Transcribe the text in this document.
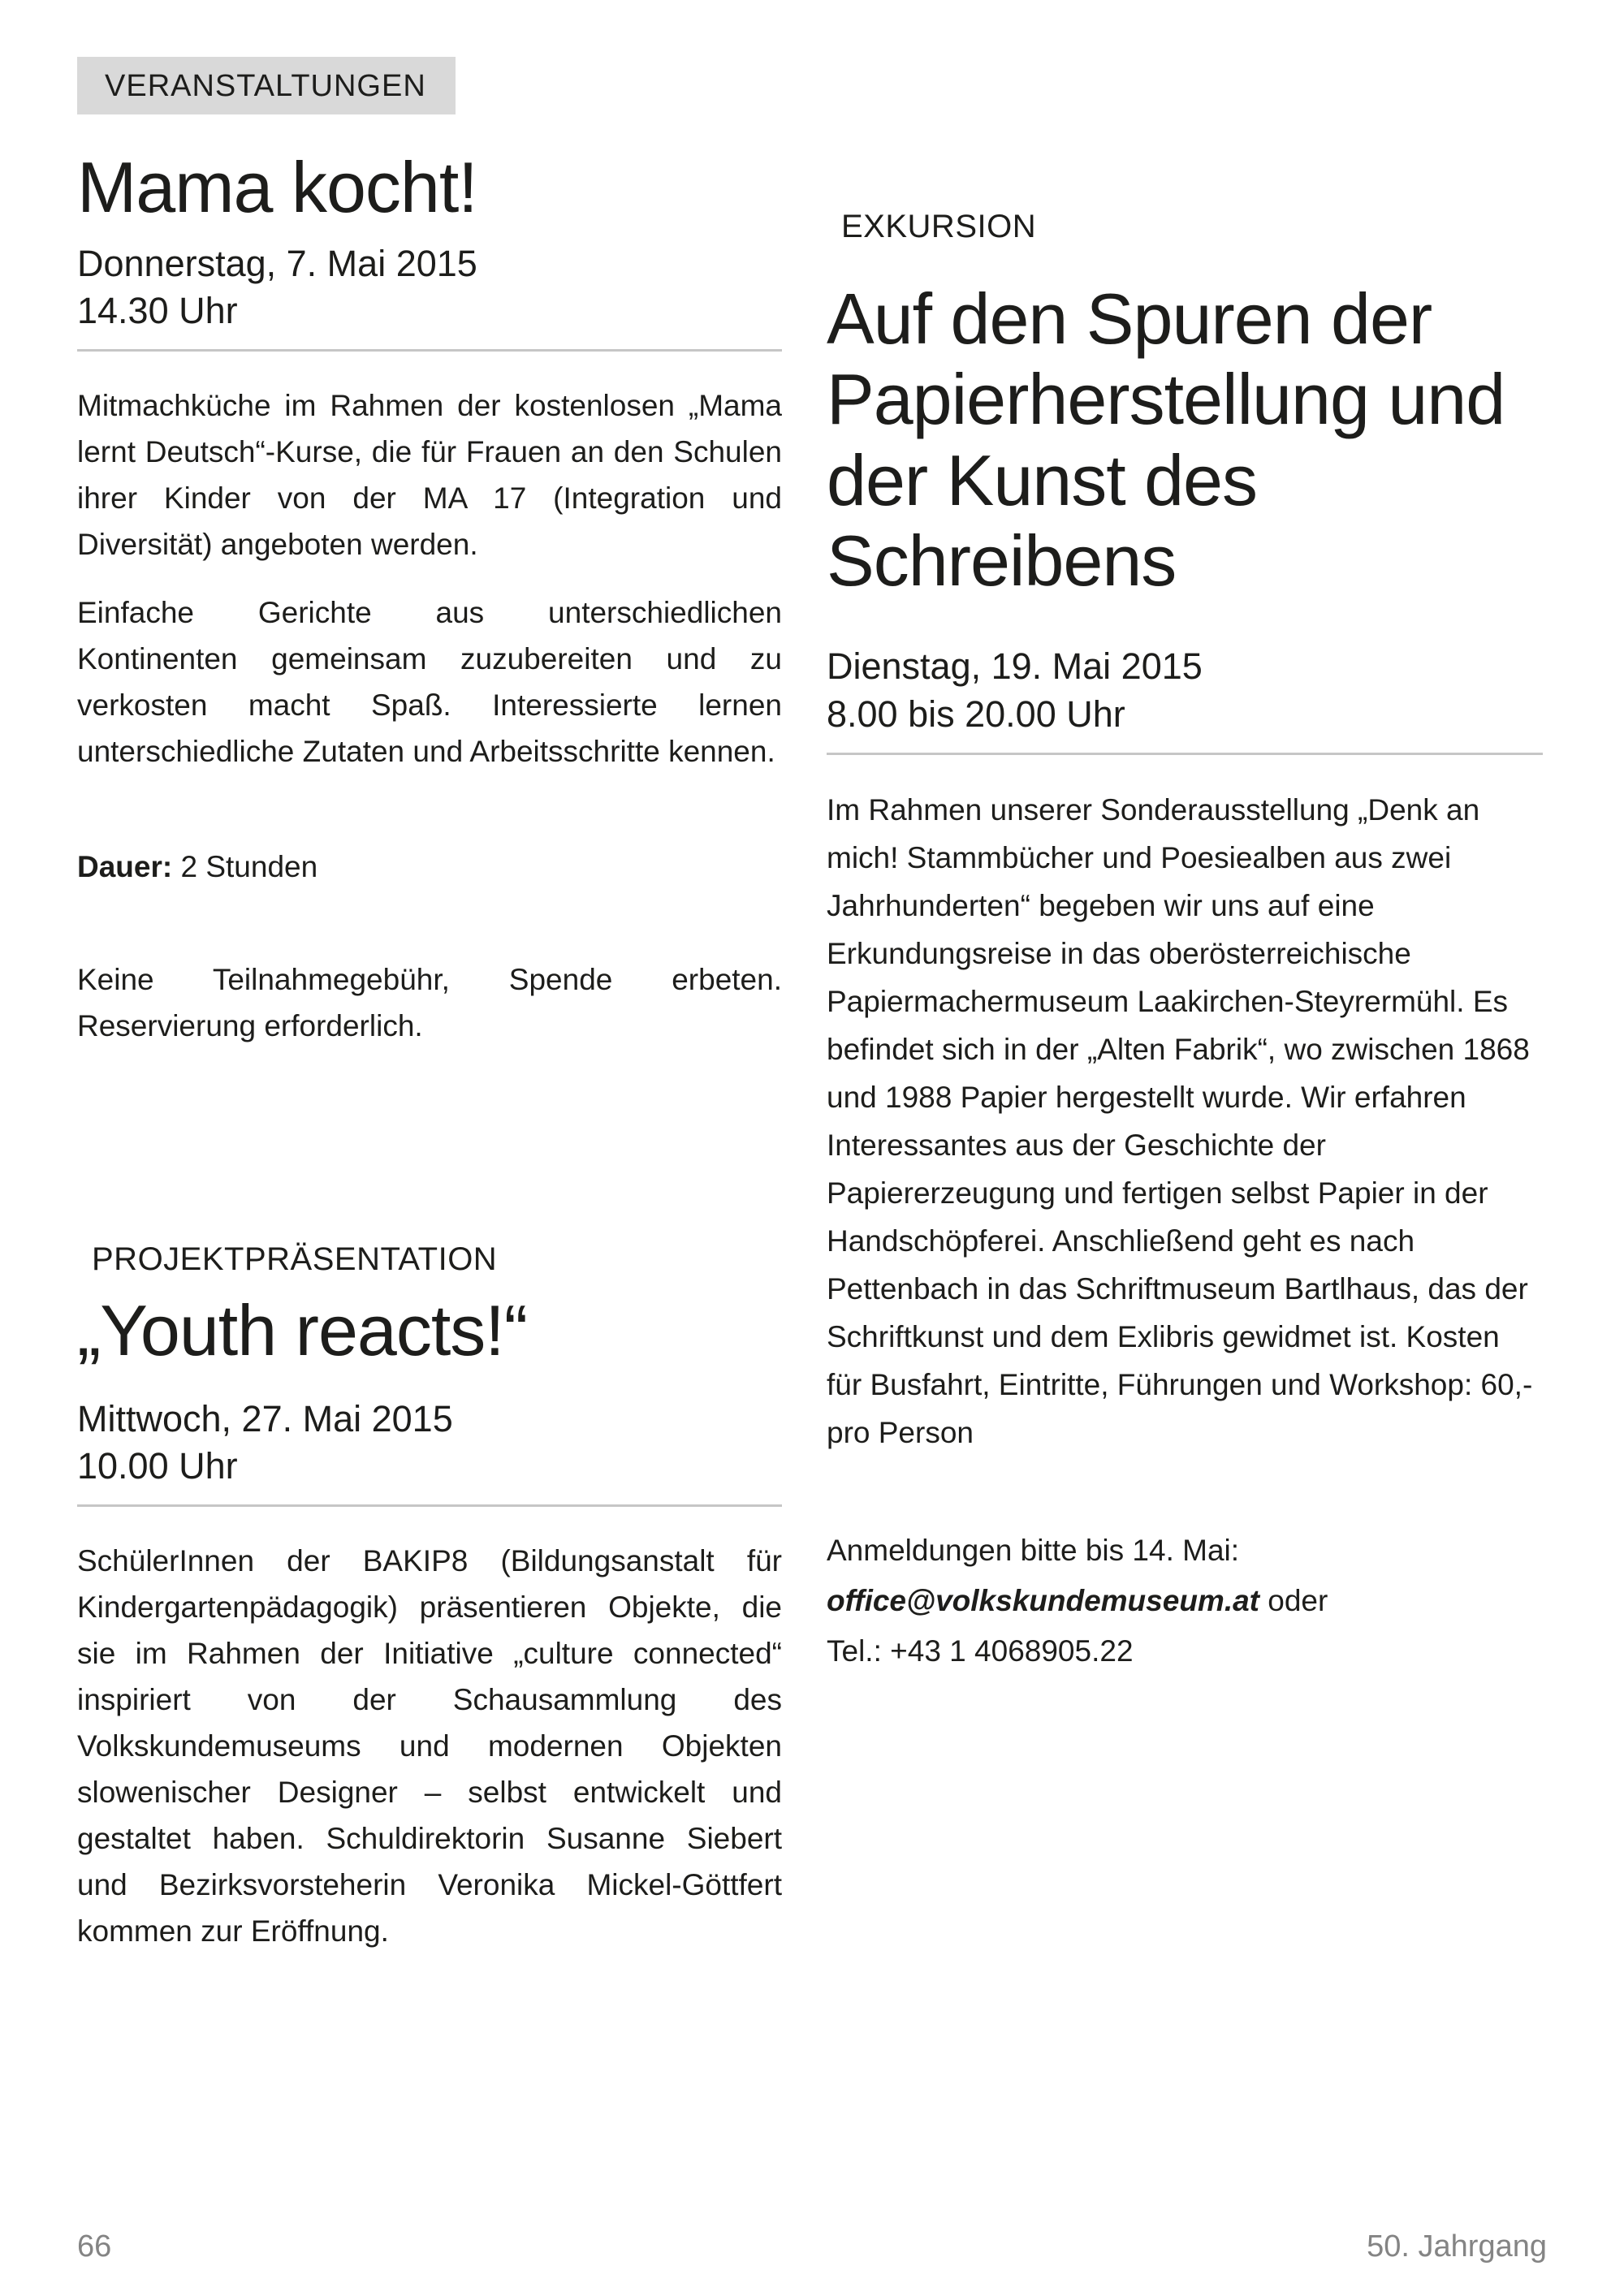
VERANSTALTUNGEN
Mama kocht!
Donnerstag, 7. Mai 2015
14.30 Uhr

Mitmachküche im Rahmen der kostenlosen „Mama lernt Deutsch“-Kurse, die für Frauen an den Schulen ihrer Kinder von der MA 17 (Integration und Diversität) angeboten werden.

Einfache Gerichte aus unterschiedlichen Kontinenten gemeinsam zuzubereiten und zu verkosten macht Spaß. Interessierte lernen unterschiedliche Zutaten und Arbeitsschritte kennen.

Dauer: 2 Stunden

Keine Teilnahmegebühr, Spende erbeten. Reservierung erforderlich.

PROJEKTPRÄSENTATION
„Youth reacts!“
Mittwoch, 27. Mai 2015
10.00 Uhr

SchülerInnen der BAKIP8 (Bildungsanstalt für Kindergartenpädagogik) präsentieren Objekte, die sie im Rahmen der Initiative „culture connected“ inspiriert von der Schausammlung des Volkskundemuseums und modernen Objekten slowenischer Designer – selbst entwickelt und gestaltet haben. Schuldirektorin Susanne Siebert und Bezirksvorsteherin Veronika Mickel-Göttfert kommen zur Eröffnung.

EXKURSION
Auf den Spuren der Papierherstellung und der Kunst des Schreibens
Dienstag, 19. Mai 2015
8.00 bis 20.00 Uhr

Im Rahmen unserer Sonderausstellung „Denk an mich! Stammbücher und Poesiealben aus zwei Jahrhunderten“ begeben wir uns auf eine Erkundungsreise in das oberösterreichische Papiermachermuseum Laakirchen-Steyrermühl. Es befindet sich in der „Alten Fabrik“, wo zwischen 1868 und 1988 Papier hergestellt wurde. Wir erfahren Interessantes aus der Geschichte der Papiererzeugung und fertigen selbst Papier in der Handschöpferei. Anschließend geht es nach Pettenbach in das Schriftmuseum Bartlhaus, das der Schriftkunst und dem Exlibris gewidmet ist. Kosten für Busfahrt, Eintritte, Führungen und Workshop: 60,- pro Person

Anmeldungen bitte bis 14. Mai:

office@volkskundemuseum.at oder

Tel.: +43 1 4068905.22

66	50. Jahrgang
